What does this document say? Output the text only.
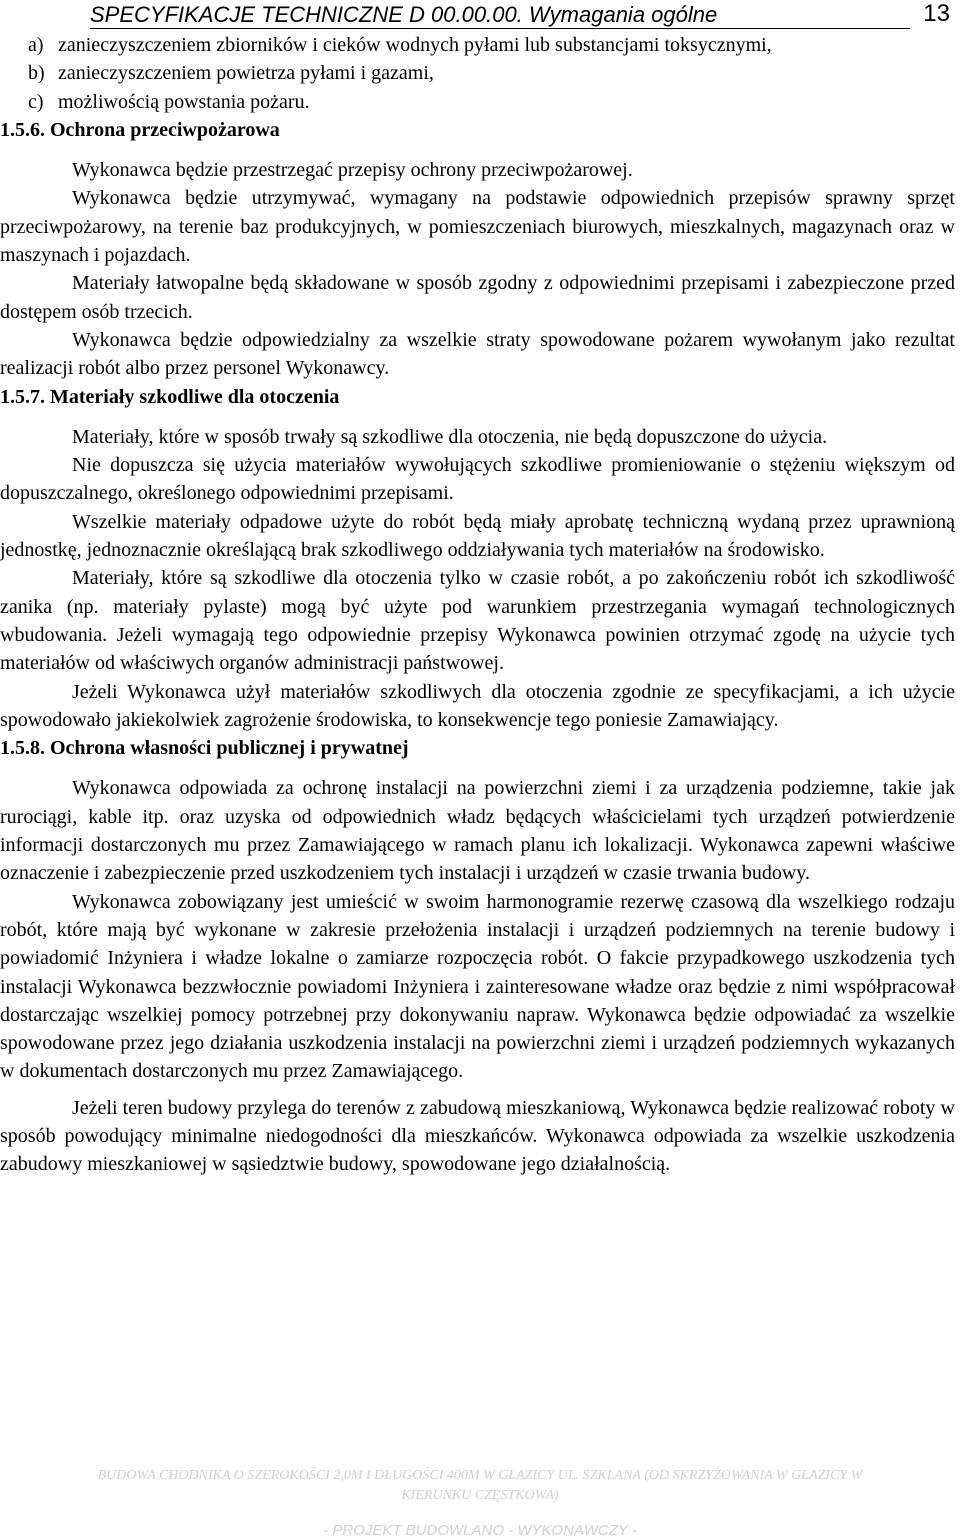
SPECYFIKACJE TECHNICZNE D 00.00.00. Wymagania ogólne	13

a) zanieczyszczeniem zbiorników i cieków wodnych pyłami lub substancjami toksycznymi,

b) zanieczyszczeniem powietrza pyłami i gazami,

c) możliwością powstania pożaru.

1.5.6. Ochrona przeciwpożarowa

Wykonawca będzie przestrzegać przepisy ochrony przeciwpożarowej.

Wykonawca będzie utrzymywać, wymagany na podstawie odpowiednich przepisów sprawny sprzęt przeciwpożarowy, na terenie baz produkcyjnych, w pomieszczeniach biurowych, mieszkalnych, magazynach oraz w maszynach i pojazdach.

Materiały łatwopalne będą składowane w sposób zgodny z odpowiednimi przepisami i zabezpieczone przed dostępem osób trzecich.

Wykonawca będzie odpowiedzialny za wszelkie straty spowodowane pożarem wywołanym jako rezultat realizacji robót albo przez personel Wykonawcy.

1.5.7. Materiały szkodliwe dla otoczenia

Materiały, które w sposób trwały są szkodliwe dla otoczenia, nie będą dopuszczone do użycia.

Nie dopuszcza się użycia materiałów wywołujących szkodliwe promieniowanie o stężeniu większym od dopuszczalnego, określonego odpowiednimi przepisami.

Wszelkie materiały odpadowe użyte do robót będą miały aprobatę techniczną wydaną przez uprawnioną jednostkę, jednoznacznie określającą brak szkodliwego oddziaływania tych materiałów na środowisko.

Materiały, które są szkodliwe dla otoczenia tylko w czasie robót, a po zakończeniu robót ich szkodliwość zanika (np. materiały pylaste) mogą być użyte pod warunkiem przestrzegania wymagań technologicznych wbudowania. Jeżeli wymagają tego odpowiednie przepisy Wykonawca powinien otrzymać zgodę na użycie tych materiałów od właściwych organów administracji państwowej.

Jeżeli Wykonawca użył materiałów szkodliwych dla otoczenia zgodnie ze specyfikacjami, a ich użycie spowodowało jakiekolwiek zagrożenie środowiska, to konsekwencje tego poniesie Zamawiający.

1.5.8. Ochrona własności publicznej i prywatnej

Wykonawca odpowiada za ochronę instalacji na powierzchni ziemi i za urządzenia podziemne, takie jak rurociągi, kable itp. oraz uzyska od odpowiednich władz będących właścicielami tych urządzeń potwierdzenie informacji dostarczonych mu przez Zamawiającego w ramach planu ich lokalizacji. Wykonawca zapewni właściwe oznaczenie i zabezpieczenie przed uszkodzeniem tych instalacji i urządzeń w czasie trwania budowy.

Wykonawca zobowiązany jest umieścić w swoim harmonogramie rezerwę czasową dla wszelkiego rodzaju robót, które mają być wykonane w zakresie przełożenia instalacji i urządzeń podziemnych na terenie budowy i powiadomić Inżyniera i władze lokalne o zamiarze rozpoczęcia robót. O fakcie przypadkowego uszkodzenia tych instalacji Wykonawca bezzwłocznie powiadomi Inżyniera i zainteresowane władze oraz będzie z nimi współpracował dostarczając wszelkiej pomocy potrzebnej przy dokonywaniu napraw. Wykonawca będzie odpowiadać za wszelkie spowodowane przez jego działania uszkodzenia instalacji na powierzchni ziemi i urządzeń podziemnych wykazanych w dokumentach dostarczonych mu przez Zamawiającego.

Jeżeli teren budowy przylega do terenów z zabudową mieszkaniową, Wykonawca będzie realizować roboty w sposób powodujący minimalne niedogodności dla mieszkańców. Wykonawca odpowiada za wszelkie uszkodzenia zabudowy mieszkaniowej w sąsiedztwie budowy, spowodowane jego działalnością.

BUDOWA CHODNIKA O SZEROKOŚCI 2,0M I DŁUGOŚCI 400M W GŁAZICY UL. SZKLANA (OD SKRZYŻOWANIA W GŁAZICY W
KIERUNKU CZĘSTKOWA)
- PROJEKT BUDOWLANO - WYKONAWCZY -
